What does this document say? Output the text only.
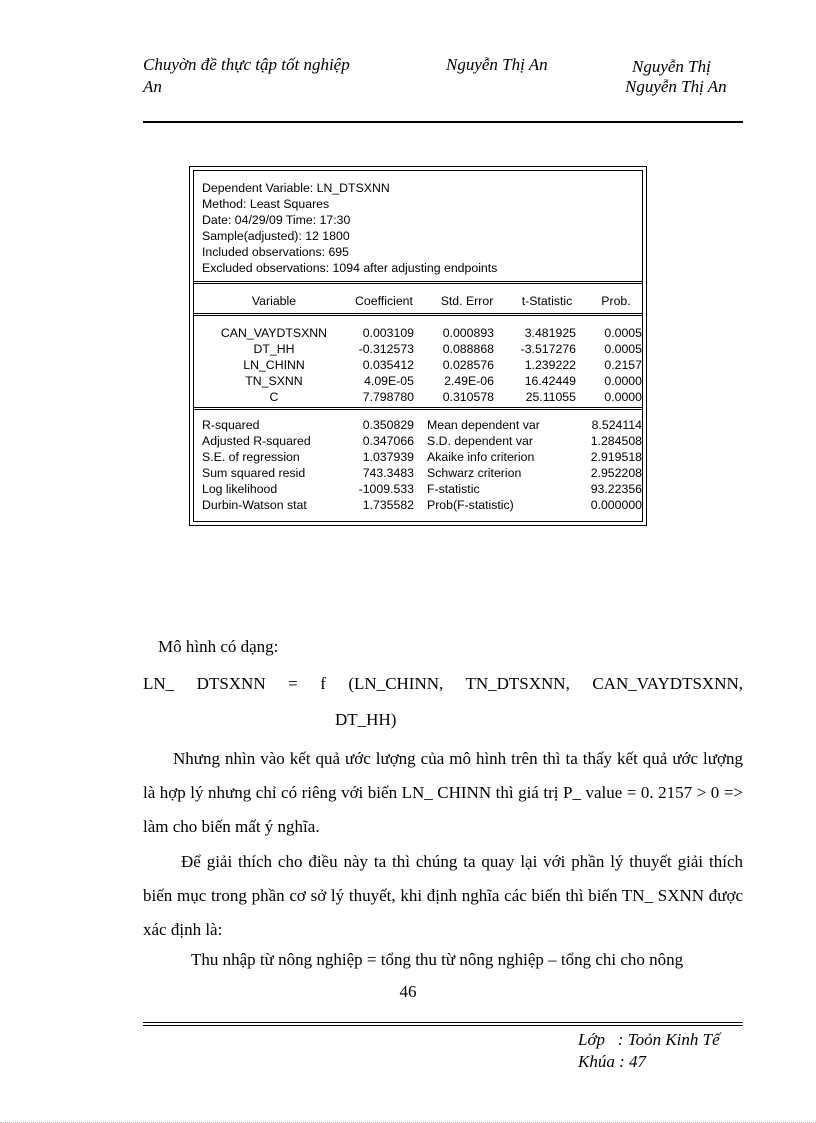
Chuyờn đề thực tập tốt nghiệp
An
Nguyễn Thị An	Nguyễn Thị
Nguyễn Thị An
Dependent Variable: LN_DTSXNN
Method: Least Squares
Date: 04/29/09 Time: 17:30
Sample(adjusted): 12 1800
Included observations: 695
Excluded observations: 1094 after adjusting endpoints
Variable	Coefficient	Std. Error	t-Statistic	Prob.
CAN_VAYDTSXNN	0.003109	0.000893	3.481925	0.0005
DT_HH	-0.312573	0.088868	-3.517276	0.0005
LN_CHINN	0.035412	0.028576	1.239222	0.2157
TN_SXNN	4.09E-05	2.49E-06	16.42449	0.0000
C	7.798780	0.310578	25.11055	0.0000
R-squared	0.350829 Mean dependent var	8.524114
Adjusted R-squared	0.347066 S.D. dependent var	1.284508
S.E. of regression	1.037939 Akaike info criterion	2.919518
Sum squared resid	743.3483 Schwarz criterion	2.952208
Log likelihood	-1009.533 F-statistic	93.22356
Durbin-Watson stat	1.735582 Prob(F-statistic)	0.000000
Mô hình có dạng:
LN_ DTSXNN = f (LN_CHINN, TN_DTSXNN, CAN_VAYDTSXNN,
DT_HH)
Nhưng nhìn vào kết quả ước lượng của mô hình trên thì ta thấy kết quả ước lượng là hợp lý nhưng chỉ có riêng với biến LN_ CHINN thì giá trị P_ value = 0. 2157 > 0 => làm cho biến mất ý nghĩa.
Để giải thích cho điều này ta thì chúng ta quay lại với phần lý thuyết giải thích biến mục trong phần cơ sở lý thuyết, khi định nghĩa các biến thì biến TN_ SXNN được xác định là:
Thu nhập từ nông nghiệp = tổng thu từ nông nghiệp – tổng chi cho nông
46
Lớp   : Toỏn Kinh Tế
Khúa : 47
